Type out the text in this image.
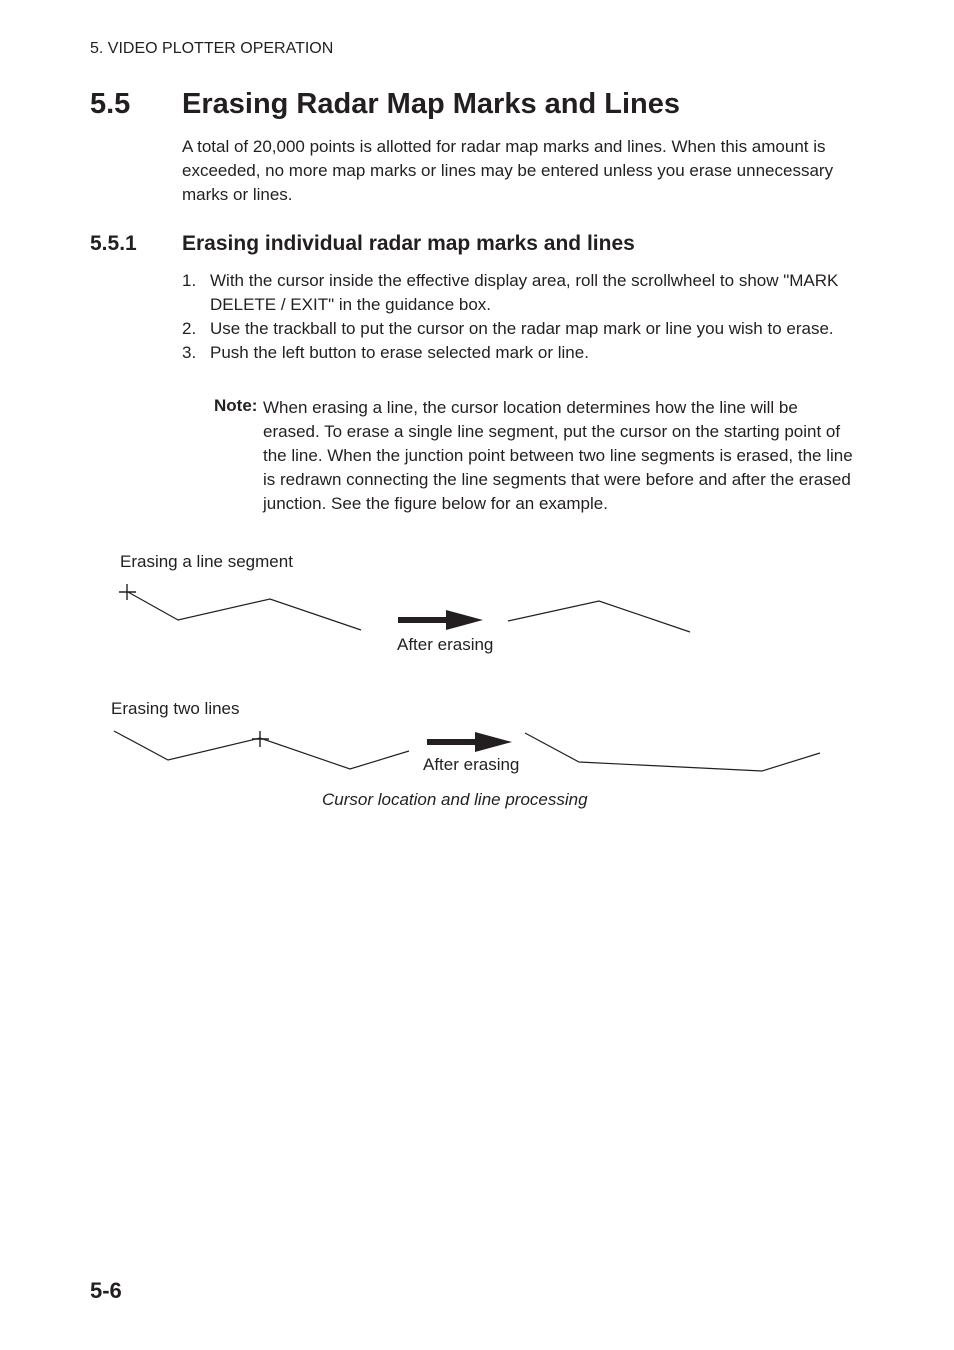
5. VIDEO PLOTTER OPERATION
5.5 Erasing Radar Map Marks and Lines
A total of 20,000 points is allotted for radar map marks and lines. When this amount is exceeded, no more map marks or lines may be entered unless you erase unnecessary marks or lines.
5.5.1 Erasing individual radar map marks and lines
1. With the cursor inside the effective display area, roll the scrollwheel to show "MARK DELETE / EXIT" in the guidance box.
2. Use the trackball to put the cursor on the radar map mark or line you wish to erase.
3. Push the left button to erase selected mark or line.
When erasing a line, the cursor location determines how the line will be erased. To erase a single line segment, put the cursor on the starting point of the line. When the junction point between two line segments is erased, the line is redrawn connecting the line segments that were before and after the erased junction. See the figure below for an example.
Note:
Erasing a line segment
After erasing
Erasing two lines
After erasing
Cursor location and line processing
5-6
